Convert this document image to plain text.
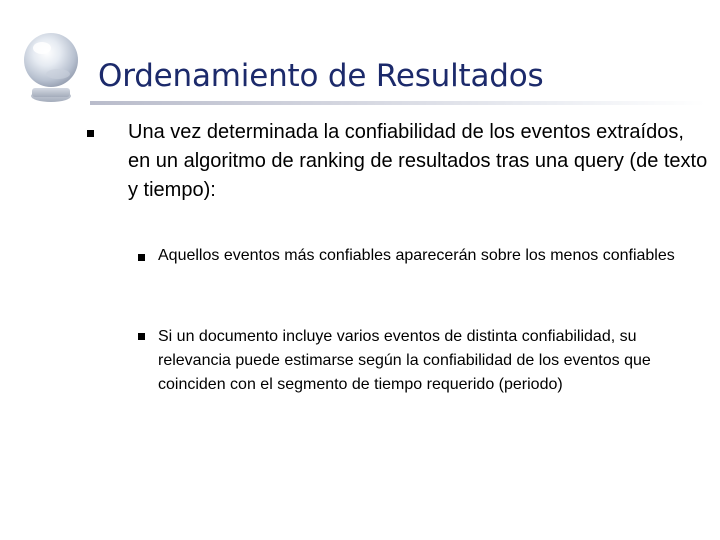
Ordenamiento de Resultados

Una vez determinada la confiabilidad de los eventos extraídos, en un algoritmo de ranking de resultados tras una query (de texto y tiempo):

Aquellos eventos más confiables aparecerán sobre los menos confiables

Si un documento incluye varios eventos de distinta confiabilidad, su relevancia puede estimarse según la confiabilidad de los eventos que coinciden con el segmento de tiempo requerido (periodo)
